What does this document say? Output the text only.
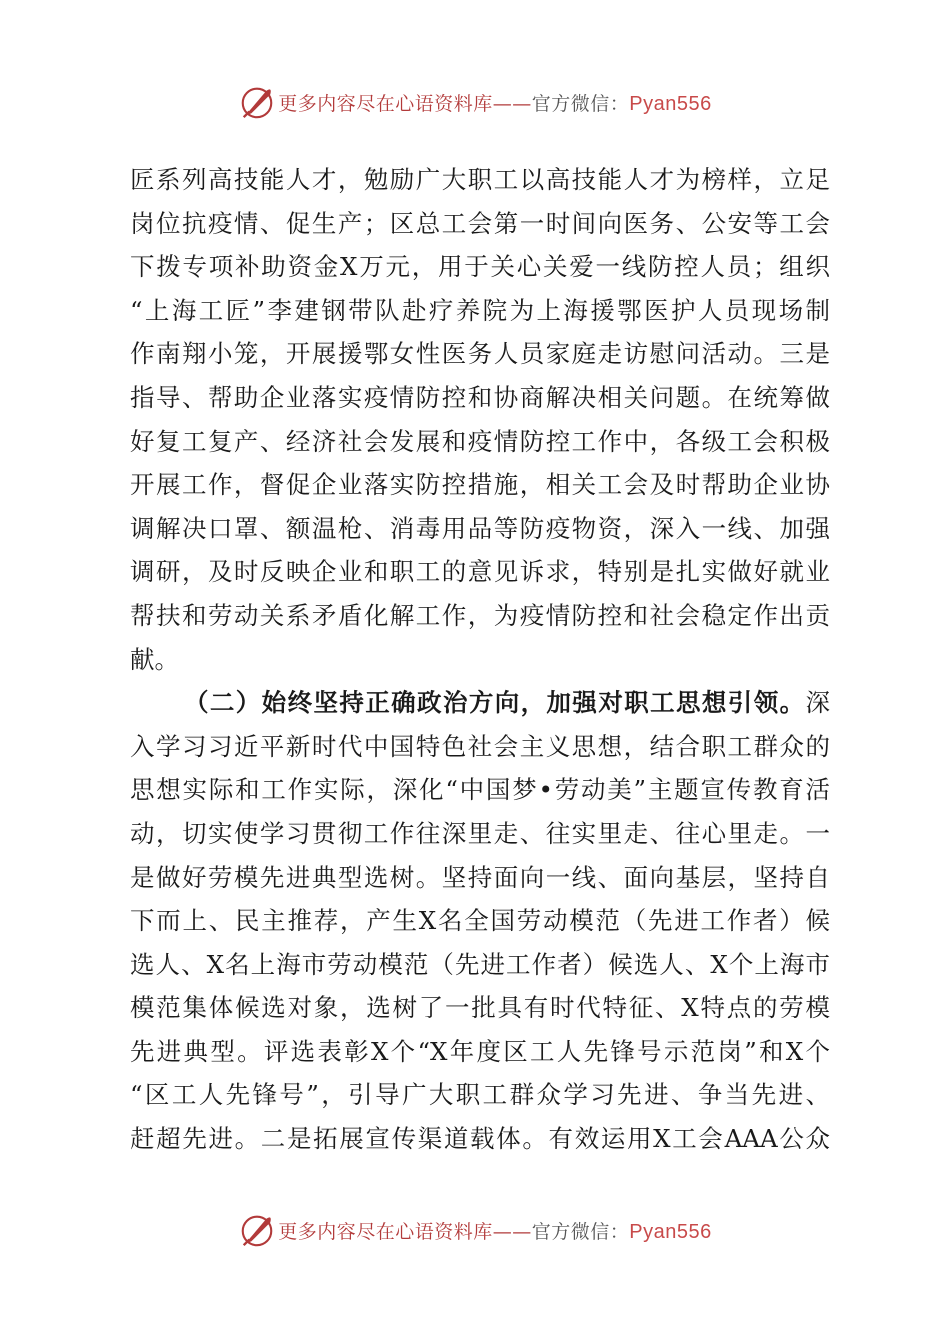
更多内容尽在心语资料库——官方微信：Pyan556
匠系列高技能人才，勉励广大职工以高技能人才为榜样，立足
岗位抗疫情、促生产；区总工会第一时间向医务、公安等工会
下拨专项补助资金X万元，用于关心关爱一线防控人员；组织
“上海工匠”李建钢带队赴疗养院为上海援鄂医护人员现场制
作南翔小笼，开展援鄂女性医务人员家庭走访慰问活动。三是
指导、帮助企业落实疫情防控和协商解决相关问题。在统筹做
好复工复产、经济社会发展和疫情防控工作中，各级工会积极
开展工作，督促企业落实防控措施，相关工会及时帮助企业协
调解决口罩、额温枪、消毒用品等防疫物资，深入一线、加强
调研，及时反映企业和职工的意见诉求，特别是扎实做好就业
帮扶和劳动关系矛盾化解工作，为疫情防控和社会稳定作出贡
献。
（二）始终坚持正确政治方向，加强对职工思想引领。深
入学习习近平新时代中国特色社会主义思想，结合职工群众的
思想实际和工作实际，深化“中国梦•劳动美”主题宣传教育活
动，切实使学习贯彻工作往深里走、往实里走、往心里走。一
是做好劳模先进典型选树。坚持面向一线、面向基层，坚持自
下而上、民主推荐，产生X名全国劳动模范（先进工作者）候
选人、X名上海市劳动模范（先进工作者）候选人、X个上海市
模范集体候选对象，选树了一批具有时代特征、X特点的劳模
先进典型。评选表彰X个“X年度区工人先锋号示范岗”和X个
“区工人先锋号”，引导广大职工群众学习先进、争当先进、
赶超先进。二是拓展宣传渠道载体。有效运用X工会AAA公众
更多内容尽在心语资料库——官方微信：Pyan556
